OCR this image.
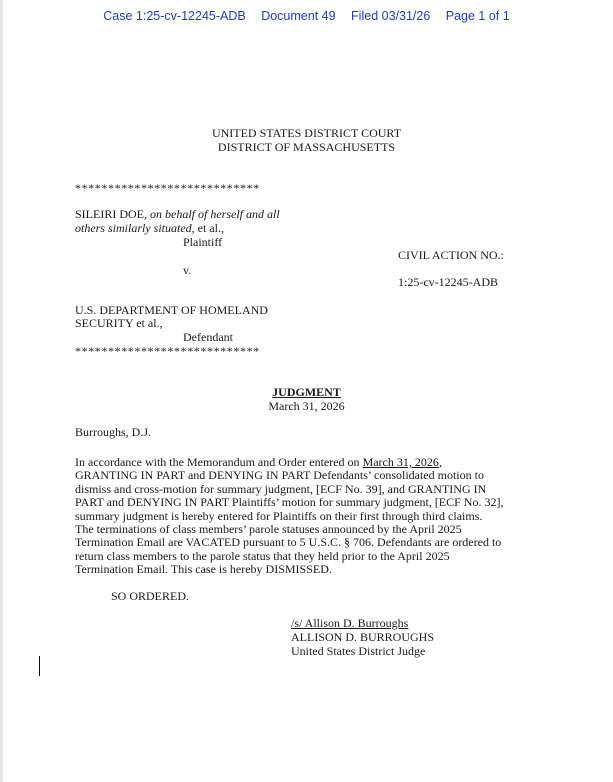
Case 1:25-cv-12245-ADB Document 49 Filed 03/31/26 Page 1 of 1
UNITED STATES DISTRICT COURT
DISTRICT OF MASSACHUSETTS
****************************
SILEIRI DOE, on behalf of herself and all
others similarly situated, et al.,
Plaintiff
CIVIL ACTION NO.:
v.
1:25-cv-12245-ADB
U.S. DEPARTMENT OF HOMELAND
SECURITY et al.,
Defendant
****************************
JUDGMENT
March 31, 2026
Burroughs, D.J.
In accordance with the Memorandum and Order entered on March 31, 2026,
GRANTING IN PART and DENYING IN PART Defendants’ consolidated motion to
dismiss and cross-motion for summary judgment, [ECF No. 39], and GRANTING IN
PART and DENYING IN PART Plaintiffs’ motion for summary judgment, [ECF No. 32],
summary judgment is hereby entered for Plaintiffs on their first through third claims.
The terminations of class members’ parole statuses announced by the April 2025
Termination Email are VACATED pursuant to 5 U.S.C. § 706. Defendants are ordered to
return class members to the parole status that they held prior to the April 2025
Termination Email. This case is hereby DISMISSED.
SO ORDERED.
/s/ Allison D. Burroughs
ALLISON D. BURROUGHS
United States District Judge
